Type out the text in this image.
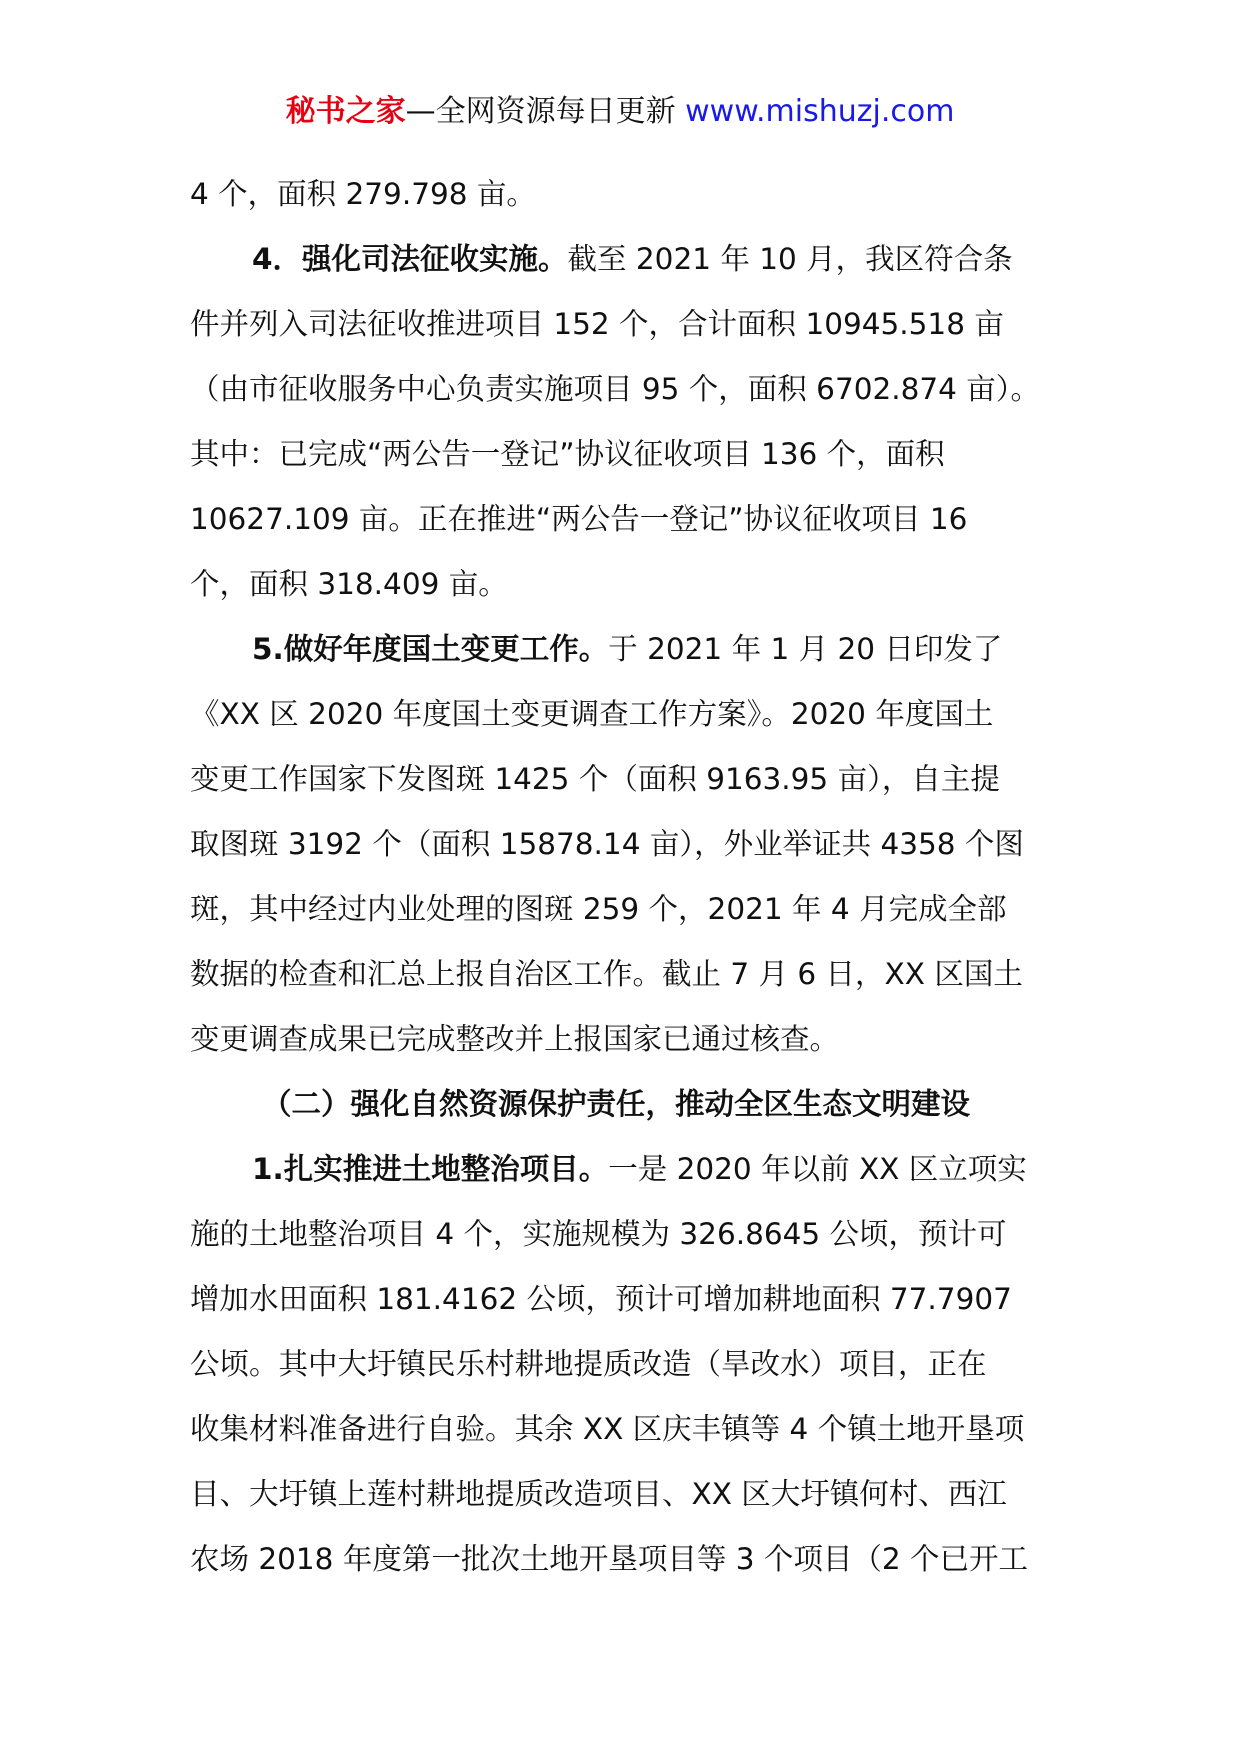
秘书之家—全网资源每日更新 www.mishuzj.com
4 个，面积 279.798 亩。
4．强化司法征收实施。截至 2021 年 10 月，我区符合条
件并列入司法征收推进项目 152 个，合计面积 10945.518 亩
（由市征收服务中心负责实施项目 95 个，面积 6702.874 亩）。
其中：已完成“两公告一登记”协议征收项目 136 个，面积
10627.109 亩。正在推进“两公告一登记”协议征收项目 16
个，面积 318.409 亩。
5.做好年度国土变更工作。于 2021 年 1 月 20 日印发了
《XX 区 2020 年度国土变更调查工作方案》。2020 年度国土
变更工作国家下发图斑 1425 个（面积 9163.95 亩），自主提
取图斑 3192 个（面积 15878.14 亩），外业举证共 4358 个图
斑，其中经过内业处理的图斑 259 个，2021 年 4 月完成全部
数据的检查和汇总上报自治区工作。截止 7 月 6 日，XX 区国土
变更调查成果已完成整改并上报国家已通过核查。
（二）强化自然资源保护责任，推动全区生态文明建设
1.扎实推进土地整治项目。一是 2020 年以前 XX 区立项实
施的土地整治项目 4 个，实施规模为 326.8645 公顷，预计可
增加水田面积 181.4162 公顷，预计可增加耕地面积 77.7907
公顷。其中大圩镇民乐村耕地提质改造（旱改水）项目，正在
收集材料准备进行自验。其余 XX 区庆丰镇等 4 个镇土地开垦项
目、大圩镇上莲村耕地提质改造项目、XX 区大圩镇何村、西江
农场 2018 年度第一批次土地开垦项目等 3 个项目（2 个已开工
